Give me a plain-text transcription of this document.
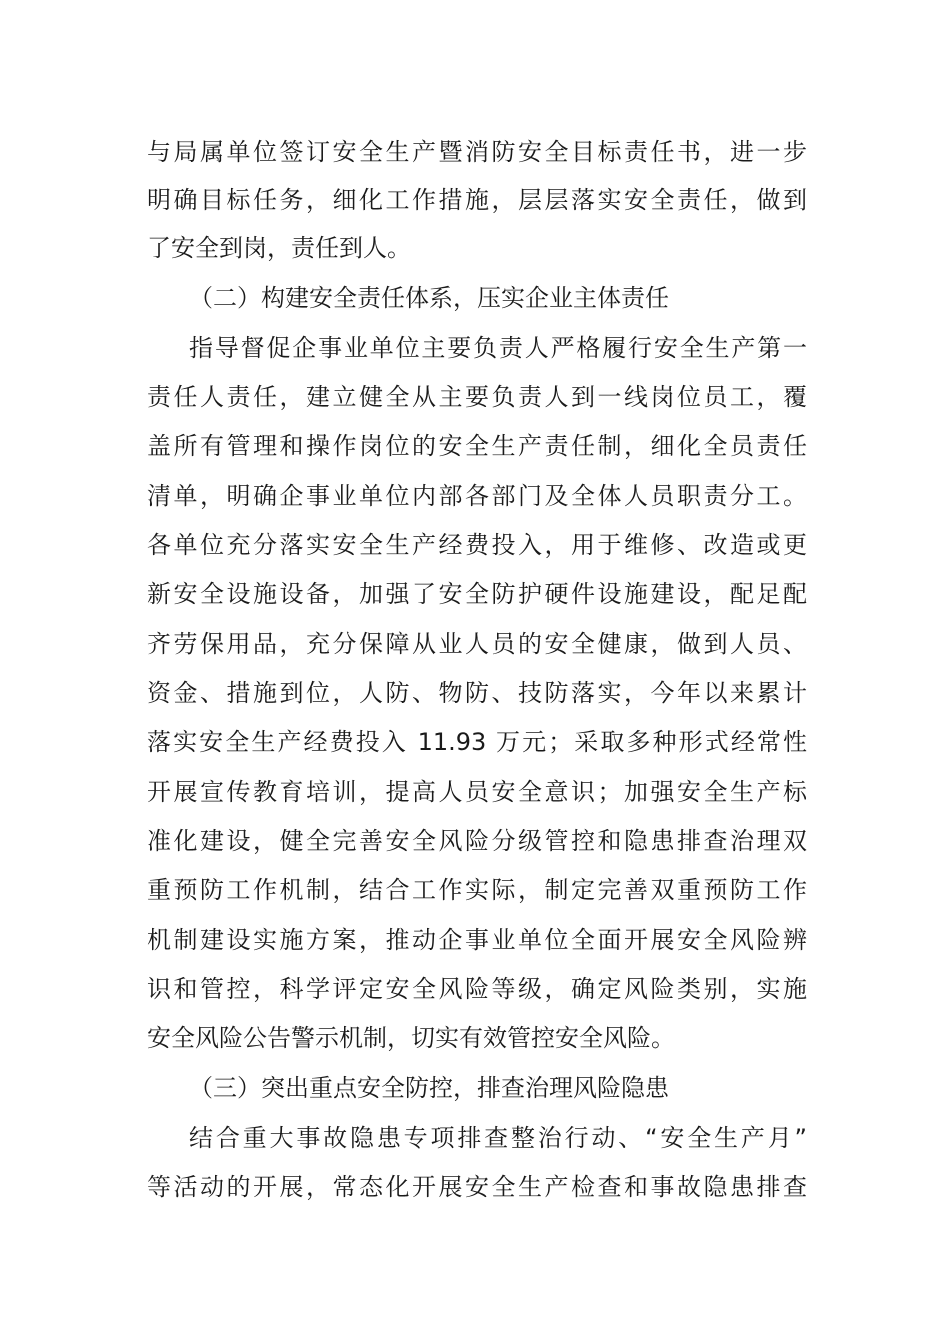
与局属单位签订安全生产暨消防安全目标责任书，进一步
明确目标任务，细化工作措施，层层落实安全责任，做到
了安全到岗，责任到人。
（二）构建安全责任体系，压实企业主体责任
指导督促企事业单位主要负责人严格履行安全生产第一
责任人责任，建立健全从主要负责人到一线岗位员工，覆
盖所有管理和操作岗位的安全生产责任制，细化全员责任
清单，明确企事业单位内部各部门及全体人员职责分工。
各单位充分落实安全生产经费投入，用于维修、改造或更
新安全设施设备，加强了安全防护硬件设施建设，配足配
齐劳保用品，充分保障从业人员的安全健康，做到人员、
资金、措施到位，人防、物防、技防落实，今年以来累计
落实安全生产经费投入 11.93 万元；采取多种形式经常性
开展宣传教育培训，提高人员安全意识；加强安全生产标
准化建设，健全完善安全风险分级管控和隐患排查治理双
重预防工作机制，结合工作实际，制定完善双重预防工作
机制建设实施方案，推动企事业单位全面开展安全风险辨
识和管控，科学评定安全风险等级，确定风险类别，实施
安全风险公告警示机制，切实有效管控安全风险。
（三）突出重点安全防控，排查治理风险隐患
结合重大事故隐患专项排查整治行动、“安全生产月”
等活动的开展，常态化开展安全生产检查和事故隐患排查
